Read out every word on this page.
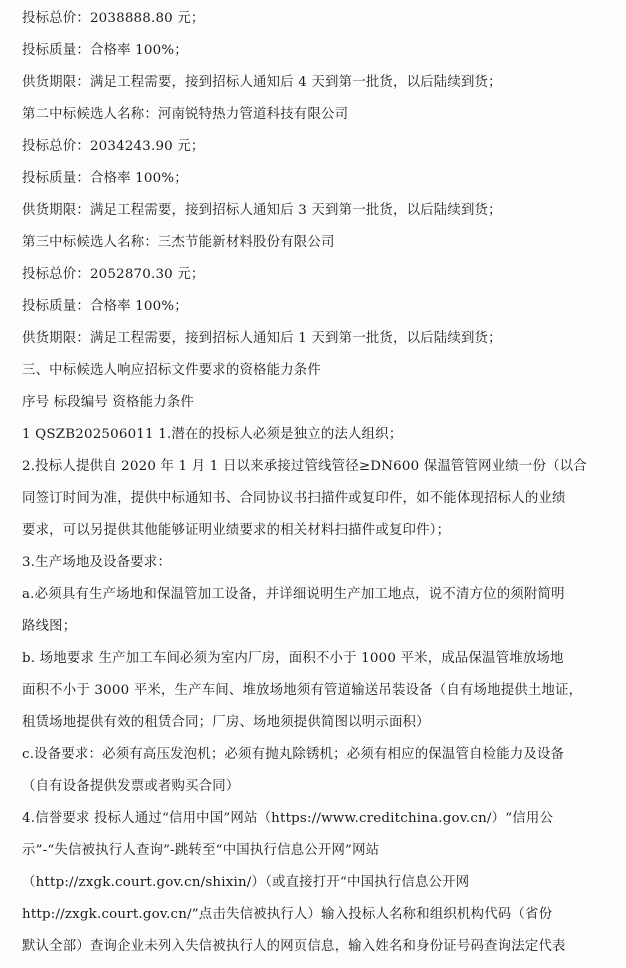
投标总价：2038888.80 元；
投标质量：合格率 100%；
供货期限：满足工程需要，接到招标人通知后 4 天到第一批货，以后陆续到货；
第二中标候选人名称：河南锐特热力管道科技有限公司
投标总价：2034243.90 元；
投标质量：合格率 100%；
供货期限：满足工程需要，接到招标人通知后 3 天到第一批货，以后陆续到货；
第三中标候选人名称：三杰节能新材料股份有限公司
投标总价：2052870.30 元；
投标质量：合格率 100%；
供货期限：满足工程需要，接到招标人通知后 1 天到第一批货，以后陆续到货；
三、中标候选人响应招标文件要求的资格能力条件
序号 标段编号 资格能力条件
1 QSZB202506011 1.潜在的投标人必须是独立的法人组织；
2.投标人提供自 2020 年 1 月 1 日以来承接过管线管径≥DN600 保温管管网业绩一份（以合
同签订时间为准，提供中标通知书、合同协议书扫描件或复印件，如不能体现招标人的业绩
要求，可以另提供其他能够证明业绩要求的相关材料扫描件或复印件）；
3.生产场地及设备要求：
a.必须具有生产场地和保温管加工设备，并详细说明生产加工地点，说不清方位的须附简明
路线图；
b. 场地要求 生产加工车间必须为室内厂房，面积不小于 1000 平米，成品保温管堆放场地
面积不小于 3000 平米，生产车间、堆放场地须有管道输送吊装设备（自有场地提供土地证，
租赁场地提供有效的租赁合同；厂房、场地须提供简图以明示面积）
c.设备要求：必须有高压发泡机；必须有抛丸除锈机；必须有相应的保温管自检能力及设备
（自有设备提供发票或者购买合同）
4.信誉要求 投标人通过“信用中国”网站（https://www.creditchina.gov.cn/）“信用公
示”-“失信被执行人查询”-跳转至“中国执行信息公开网”网站
（http://zxgk.court.gov.cn/shixin/）（或直接打开“中国执行信息公开网
http://zxgk.court.gov.cn/”点击失信被执行人）输入投标人名称和组织机构代码（省份
默认全部）查询企业未列入失信被执行人的网页信息，输入姓名和身份证号码查询法定代表
